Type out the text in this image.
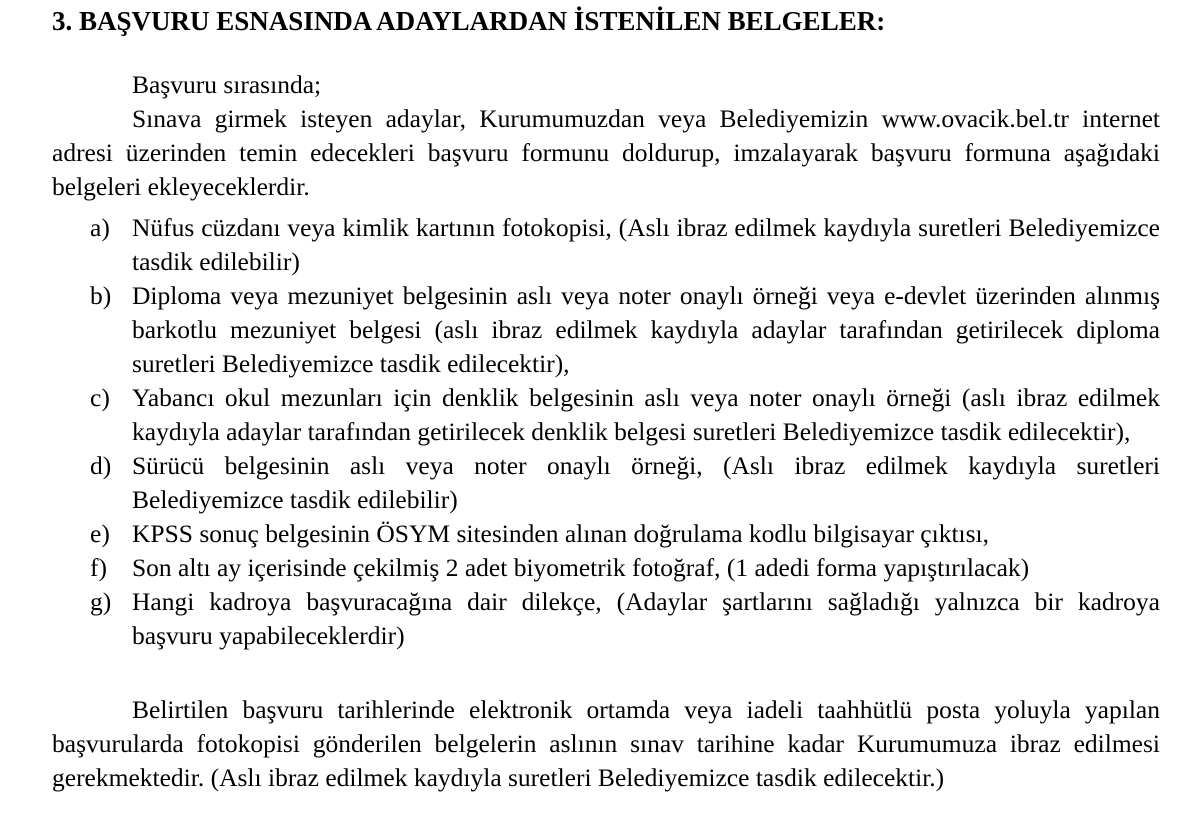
3. BAŞVURU ESNASINDA ADAYLARDAN İSTENİLEN BELGELER:
Başvuru sırasında;
Sınava girmek isteyen adaylar, Kurumumuzdan veya Belediyemizin www.ovacik.bel.tr internet adresi üzerinden temin edecekleri başvuru formunu doldurup, imzalayarak başvuru formuna aşağıdaki belgeleri ekleyeceklerdir.
a) Nüfus cüzdanı veya kimlik kartının fotokopisi, (Aslı ibraz edilmek kaydıyla suretleri Belediyemizce tasdik edilebilir)
b) Diploma veya mezuniyet belgesinin aslı veya noter onaylı örneği veya e-devlet üzerinden alınmış barkotlu mezuniyet belgesi (aslı ibraz edilmek kaydıyla adaylar tarafından getirilecek diploma suretleri Belediyemizce tasdik edilecektir),
c) Yabancı okul mezunları için denklik belgesinin aslı veya noter onaylı örneği (aslı ibraz edilmek kaydıyla adaylar tarafından getirilecek denklik belgesi suretleri Belediyemizce tasdik edilecektir),
d) Sürücü belgesinin aslı veya noter onaylı örneği, (Aslı ibraz edilmek kaydıyla suretleri Belediyemizce tasdik edilebilir)
e) KPSS sonuç belgesinin ÖSYM sitesinden alınan doğrulama kodlu bilgisayar çıktısı,
f) Son altı ay içerisinde çekilmiş 2 adet biyometrik fotoğraf, (1 adedi forma yapıştırılacak)
g) Hangi kadroya başvuracağına dair dilekçe, (Adaylar şartlarını sağladığı yalnızca bir kadroya başvuru yapabileceklerdir)
Belirtilen başvuru tarihlerinde elektronik ortamda veya iadeli taahhütlü posta yoluyla yapılan başvurularda fotokopisi gönderilen belgelerin aslının sınav tarihine kadar Kurumumuza ibraz edilmesi gerekmektedir. (Aslı ibraz edilmek kaydıyla suretleri Belediyemizce tasdik edilecektir.)
